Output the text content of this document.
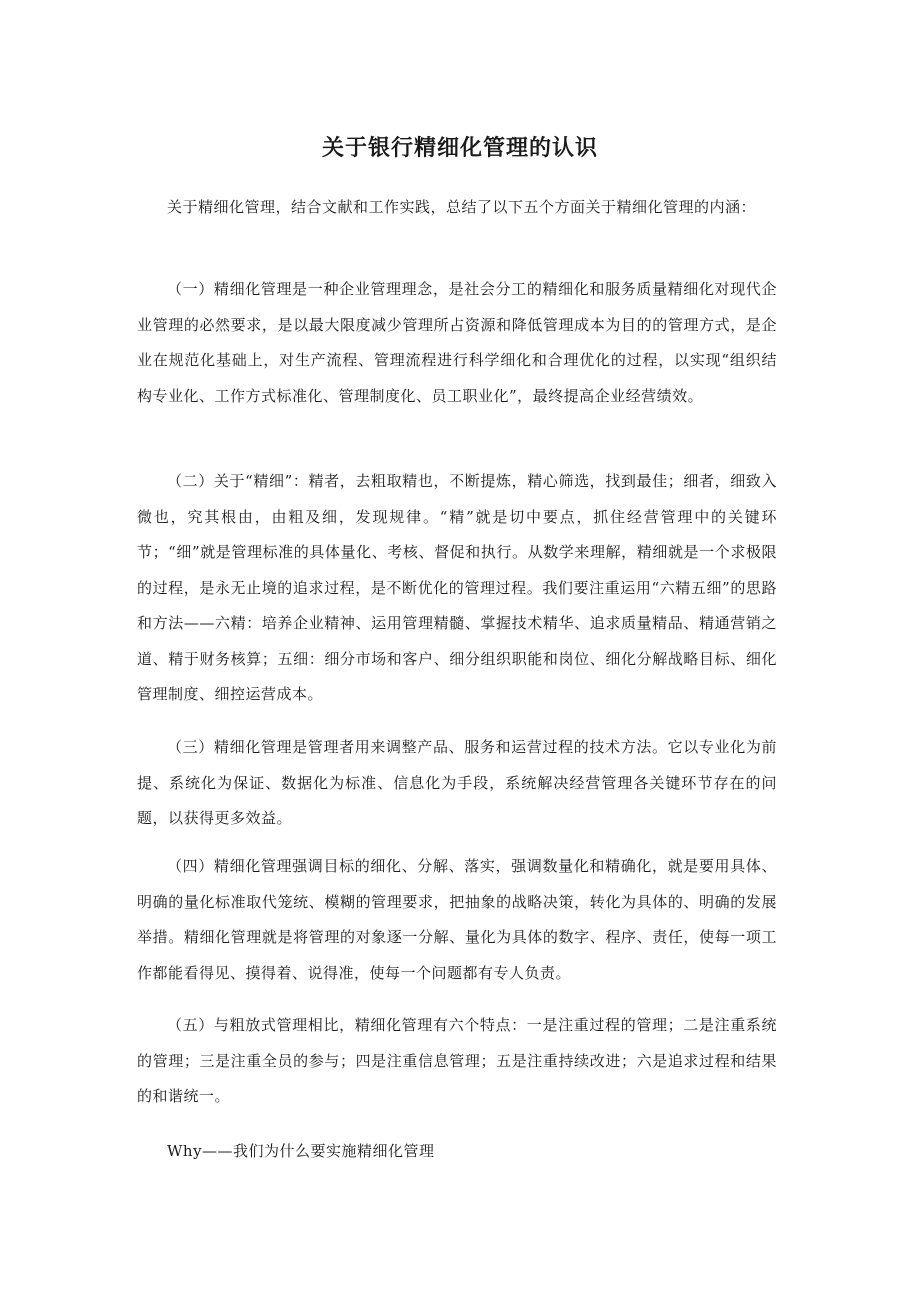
关于银行精细化管理的认识

关于精细化管理，结合文献和工作实践，总结了以下五个方面关于精细化管理的内涵：

（一）精细化管理是一种企业管理理念，是社会分工的精细化和服务质量精细化对现代企业管理的必然要求，是以最大限度减少管理所占资源和降低管理成本为目的的管理方式，是企业在规范化基础上，对生产流程、管理流程进行科学细化和合理优化的过程，以实现“组织结构专业化、工作方式标准化、管理制度化、员工职业化”，最终提高企业经营绩效。

（二）关于“精细”：精者，去粗取精也，不断提炼，精心筛选，找到最佳；细者，细致入微也，究其根由，由粗及细，发现规律。“精”就是切中要点，抓住经营管理中的关键环节；“细”就是管理标准的具体量化、考核、督促和执行。从数学来理解，精细就是一个求极限的过程，是永无止境的追求过程，是不断优化的管理过程。我们要注重运用“六精五细”的思路和方法——六精：培养企业精神、运用管理精髓、掌握技术精华、追求质量精品、精通营销之道、精于财务核算；五细：细分市场和客户、细分组织职能和岗位、细化分解战略目标、细化管理制度、细控运营成本。

（三）精细化管理是管理者用来调整产品、服务和运营过程的技术方法。它以专业化为前提、系统化为保证、数据化为标准、信息化为手段，系统解决经营管理各关键环节存在的问题，以获得更多效益。

（四）精细化管理强调目标的细化、分解、落实，强调数量化和精确化，就是要用具体、明确的量化标准取代笼统、模糊的管理要求，把抽象的战略决策，转化为具体的、明确的发展举措。精细化管理就是将管理的对象逐一分解、量化为具体的数字、程序、责任，使每一项工作都能看得见、摸得着、说得准，使每一个问题都有专人负责。

（五）与粗放式管理相比，精细化管理有六个特点：一是注重过程的管理；二是注重系统的管理；三是注重全员的参与；四是注重信息管理；五是注重持续改进；六是追求过程和结果的和谐统一。

Why——我们为什么要实施精细化管理
